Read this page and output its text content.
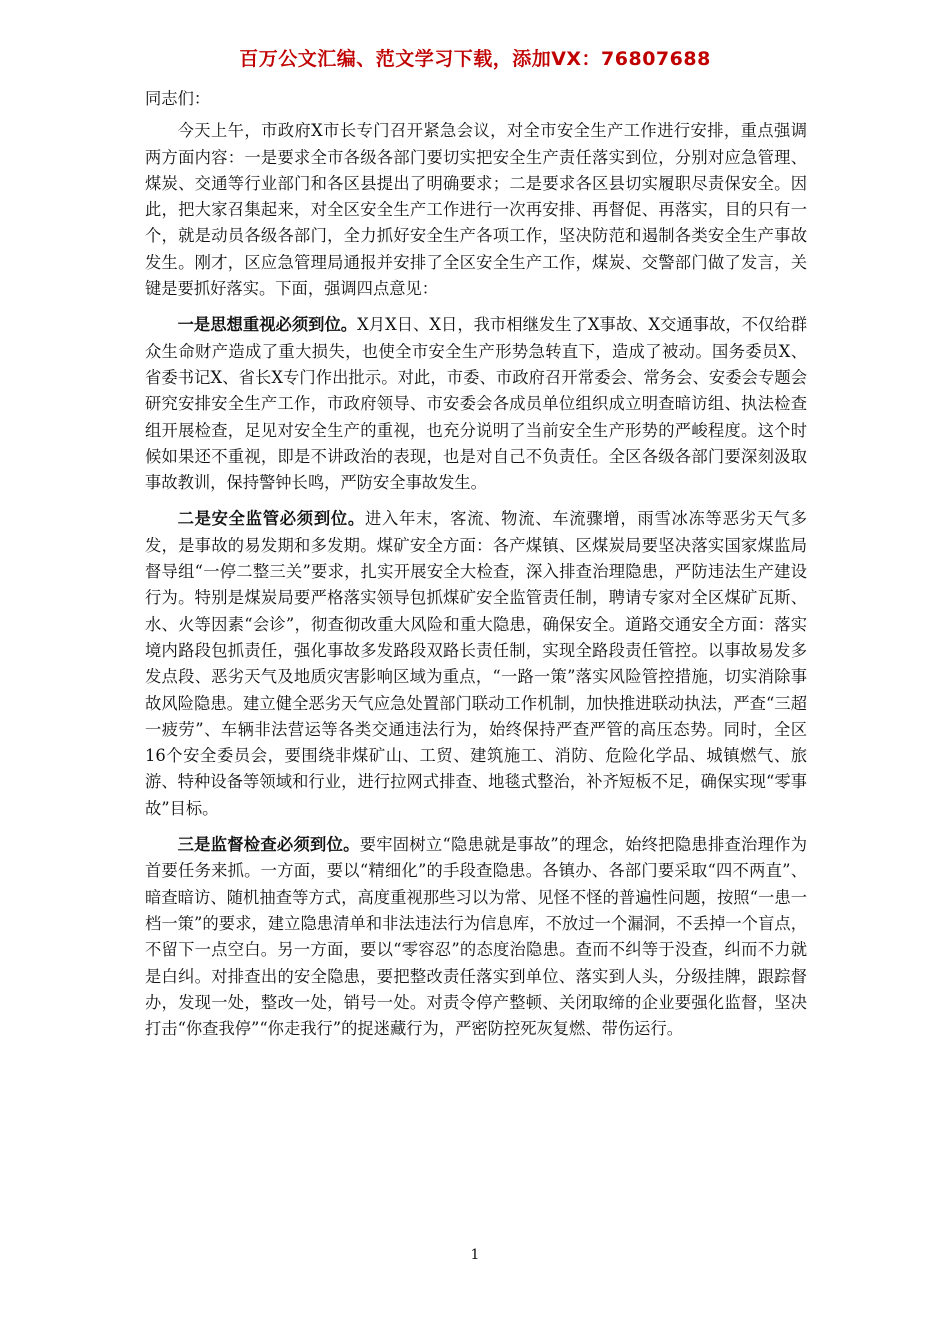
百万公文汇编、范文学习下载，添加VX：76807688

同志们：

今天上午，市政府X市长专门召开紧急会议，对全市安全生产工作进行安排，重点强调两方面内容：一是要求全市各级各部门要切实把安全生产责任落实到位，分别对应急管理、煤炭、交通等行业部门和各区县提出了明确要求；二是要求各区县切实履职尽责保安全。因此，把大家召集起来，对全区安全生产工作进行一次再安排、再督促、再落实，目的只有一个，就是动员各级各部门，全力抓好安全生产各项工作，坚决防范和遏制各类安全生产事故发生。刚才，区应急管理局通报并安排了全区安全生产工作，煤炭、交警部门做了发言，关键是要抓好落实。下面，强调四点意见：

一是思想重视必须到位。X月X日、X日，我市相继发生了X事故、X交通事故，不仅给群众生命财产造成了重大损失，也使全市安全生产形势急转直下，造成了被动。国务委员X、省委书记X、省长X专门作出批示。对此，市委、市政府召开常委会、常务会、安委会专题会研究安排安全生产工作，市政府领导、市安委会各成员单位组织成立明查暗访组、执法检查组开展检查，足见对安全生产的重视，也充分说明了当前安全生产形势的严峻程度。这个时候如果还不重视，即是不讲政治的表现，也是对自己不负责任。全区各级各部门要深刻汲取事故教训，保持警钟长鸣，严防安全事故发生。

二是安全监管必须到位。进入年末，客流、物流、车流骤增，雨雪冰冻等恶劣天气多发，是事故的易发期和多发期。煤矿安全方面：各产煤镇、区煤炭局要坚决落实国家煤监局督导组“一停二整三关”要求，扎实开展安全大检查，深入排查治理隐患，严防违法生产建设行为。特别是煤炭局要严格落实领导包抓煤矿安全监管责任制，聘请专家对全区煤矿瓦斯、水、火等因素“会诊”，彻查彻改重大风险和重大隐患，确保安全。道路交通安全方面：落实境内路段包抓责任，强化事故多发路段双路长责任制，实现全路段责任管控。以事故易发多发点段、恶劣天气及地质灾害影响区域为重点，“一路一策”落实风险管控措施，切实消除事故风险隐患。建立健全恶劣天气应急处置部门联动工作机制，加快推进联动执法，严查“三超一疲劳”、车辆非法营运等各类交通违法行为，始终保持严查严管的高压态势。同时，全区16个安全委员会，要围绕非煤矿山、工贸、建筑施工、消防、危险化学品、城镇燃气、旅游、特种设备等领域和行业，进行拉网式排查、地毯式整治，补齐短板不足，确保实现“零事故”目标。

三是监督检查必须到位。要牢固树立“隐患就是事故”的理念，始终把隐患排查治理作为首要任务来抓。一方面，要以“精细化”的手段查隐患。各镇办、各部门要采取“四不两直”、暗查暗访、随机抽查等方式，高度重视那些习以为常、见怪不怪的普遍性问题，按照“一患一档一策”的要求，建立隐患清单和非法违法行为信息库，不放过一个漏洞，不丢掉一个盲点，不留下一点空白。另一方面，要以“零容忍”的态度治隐患。查而不纠等于没查，纠而不力就是白纠。对排查出的安全隐患，要把整改责任落实到单位、落实到人头，分级挂牌，跟踪督办，发现一处，整改一处，销号一处。对责令停产整顿、关闭取缔的企业要强化监督，坚决打击“你查我停”“你走我行”的捉迷藏行为，严密防控死灰复燃、带伤运行。

1
